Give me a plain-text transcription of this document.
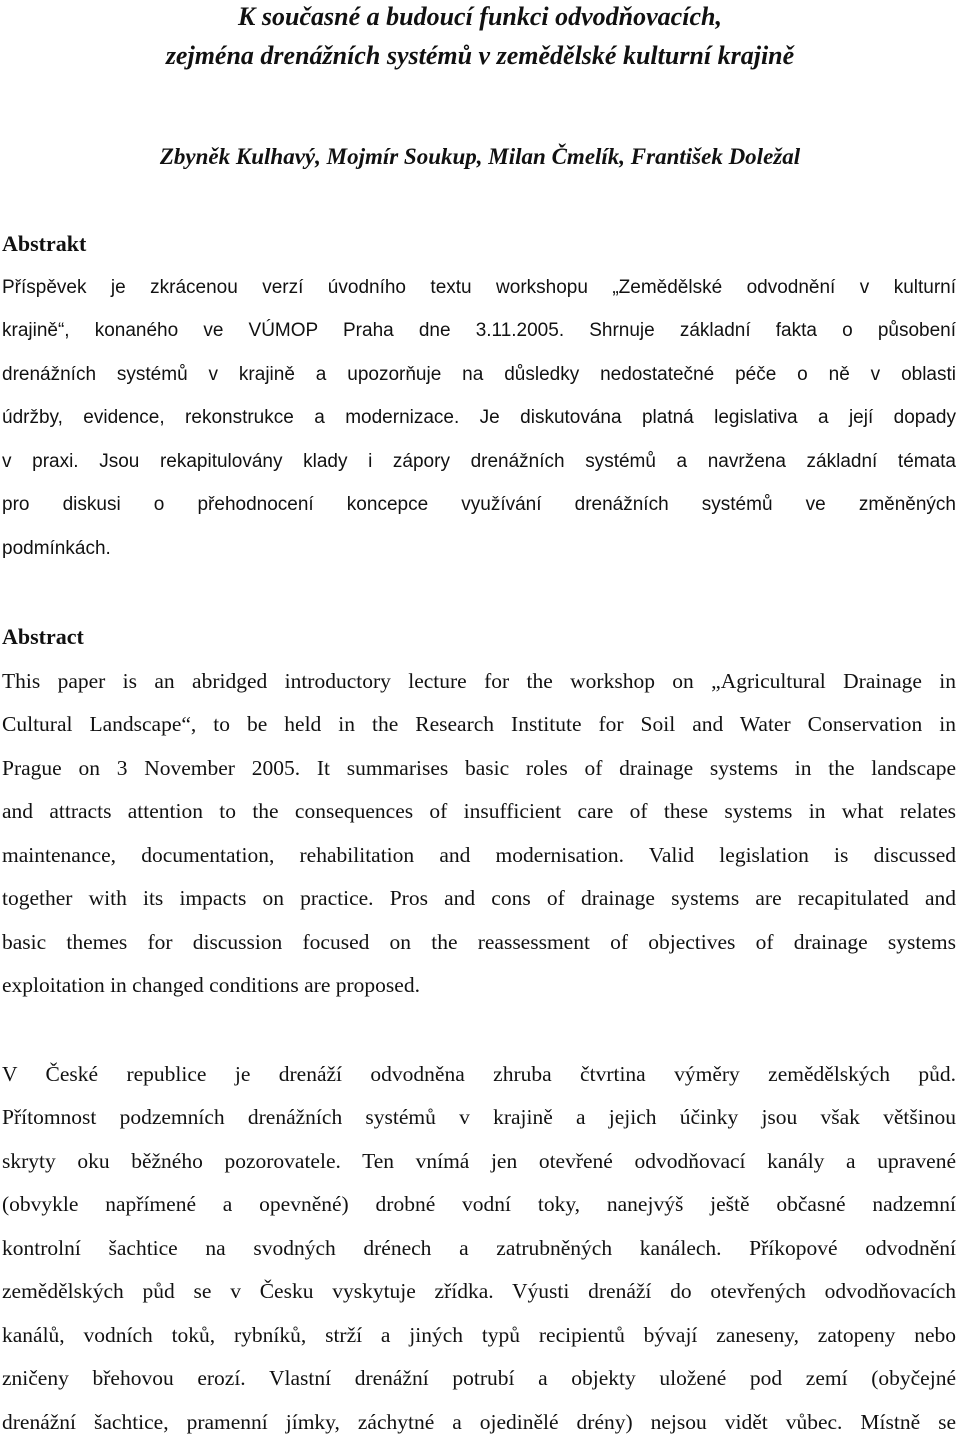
K současné a budoucí funkci odvodňovacích,
zejména drenážních systémů v zemědělské kulturní krajině

Zbyněk Kulhavý, Mojmír Soukup, Milan Čmelík, František Doležal

Abstrakt

Příspěvek je zkrácenou verzí úvodního textu workshopu „Zemědělské odvodnění v kulturní

krajině“, konaného ve VÚMOP Praha dne 3.11.2005. Shrnuje základní fakta o působení

drenážních systémů v krajině a upozorňuje na důsledky nedostatečné péče o ně v oblasti

údržby, evidence, rekonstrukce a modernizace. Je diskutována platná legislativa a její dopady

v praxi. Jsou rekapitulovány klady i zápory drenážních systémů a navržena základní témata

pro diskusi o přehodnocení koncepce využívání drenážních systémů ve změněných

podmínkách.

Abstract

This paper is an abridged introductory lecture for the workshop on „Agricultural Drainage in

Cultural Landscape“, to be held in the Research Institute for Soil and Water Conservation in

Prague on 3 November 2005. It summarises basic roles of drainage systems in the landscape

and attracts attention to the consequences of insufficient care of these systems in what relates

maintenance, documentation, rehabilitation and modernisation. Valid legislation is discussed

together with its impacts on practice. Pros and cons of drainage systems are recapitulated and

basic themes for discussion focused on the reassessment of objectives of drainage systems

exploitation in changed conditions are proposed.

V České republice je drenáží odvodněna zhruba čtvrtina výměry zemědělských půd.

Přítomnost podzemních drenážních systémů v krajině a jejich účinky jsou však většinou

skryty oku běžného pozorovatele. Ten vnímá jen otevřené odvodňovací kanály a upravené

(obvykle napřímené a opevněné) drobné vodní toky, nanejvýš ještě občasné nadzemní

kontrolní šachtice na svodných drénech a zatrubněných kanálech. Příkopové odvodnění

zemědělských půd se v Česku vyskytuje zřídka. Výusti drenáží do otevřených odvodňovacích

kanálů, vodních toků, rybníků, strží a jiných typů recipientů bývají zaneseny, zatopeny nebo

zničeny břehovou erozí. Vlastní drenážní potrubí a objekty uložené pod zemí (obyčejné

drenážní šachtice, pramenní jímky, záchytné a ojedinělé drény) nejsou vidět vůbec. Místně se
